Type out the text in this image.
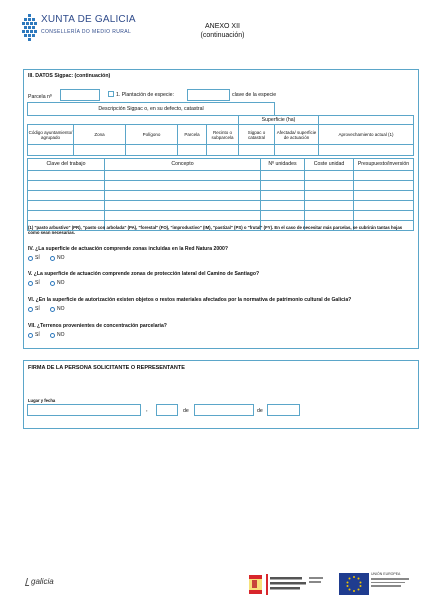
XUNTA DE GALICIA
CONSELLERÍA DO MEDIO RURAL
ANEXO XII
(continuación)
III. DATOS Sigpac: (continuación)
Parcela nº	1. Plantación de especie:	clave de la especie
Descripción Sigpac o, en su defecto, catastral							
					Superficie (ha)		
Código ayuntamiento/ agrupado	Zona	Polígono	Parcela	Recinto o subparcela	Sigpac o catastral	Afectada/ superficie de actuación	Aprovechamiento actual (1)

Clave del trabajo	Concepto	Nº unidades	Coste unidad	Presupuesto/inversión

(1) "pasto arbustivo" (PR), "pasto con arbolada" (PA), "forestal" (FO), "improductivo" (IM), "pastizal" (PS) o "frutal" (FY). En el caso de necesitar más parcelas, se cubrirán tantas hojas como sean necesarias.
IV. ¿La superficie de actuación comprende zonas incluidas en la Red Natura 2000?
SÍ	NO
V. ¿La superficie de actuación comprende zonas de protección lateral del Camino de Santiago?
SÍ	NO
VI. ¿En la superficie de autorización existen objetos o restos materiales afectados por la normativa de patrimonio cultural de Galicia?
SÍ	NO
VII. ¿Terrenos provenientes de concentración parcelaria?
SÍ	NO
FIRMA DE LA PERSONA SOLICITANTE O REPRESENTANTE
Lugar y fecha
,	de	de
galicia
UNIÓN EUROPEA
